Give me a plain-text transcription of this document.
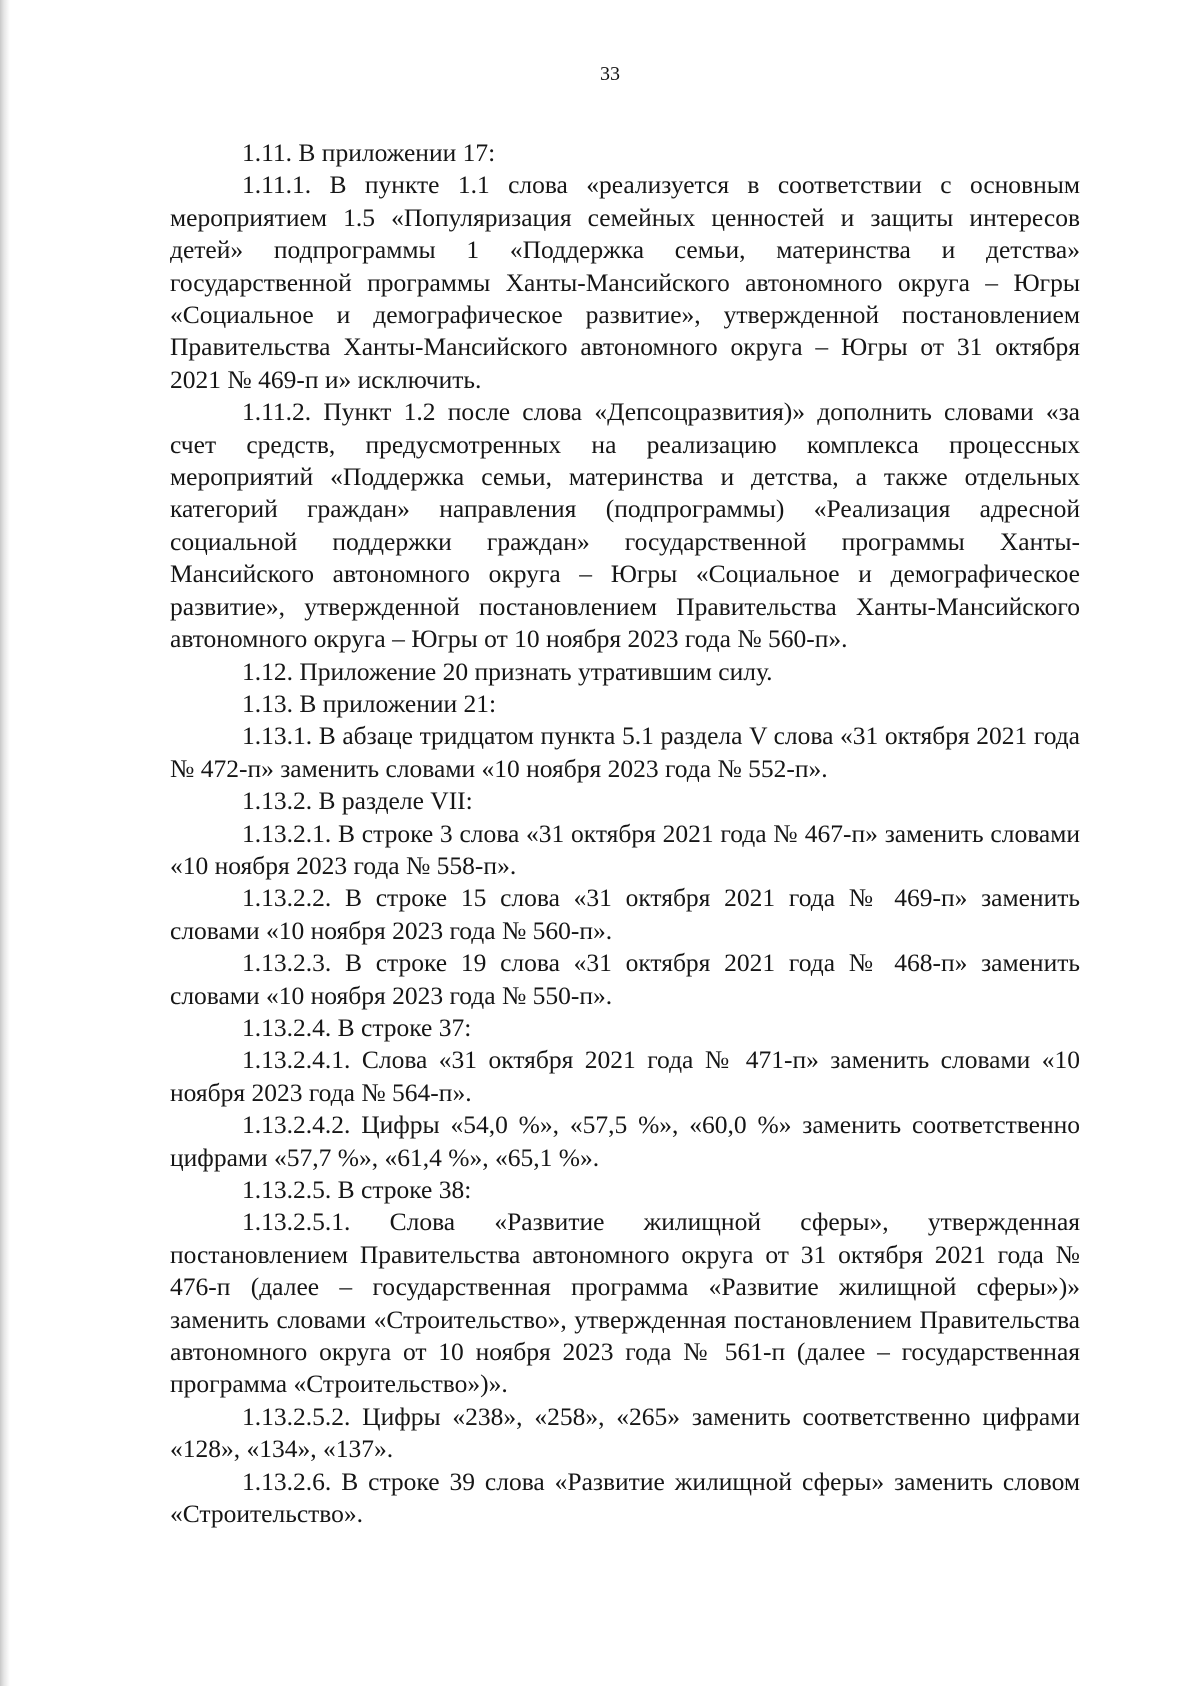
33

1.11. В приложении 17:

1.11.1. В пункте 1.1 слова «реализуется в соответствии с основным мероприятием 1.5 «Популяризация семейных ценностей и защиты интересов детей» подпрограммы 1 «Поддержка семьи, материнства и детства» государственной программы Ханты-Мансийского автономного округа – Югры «Социальное и демографическое развитие», утвержденной постановлением Правительства Ханты-Мансийского автономного округа – Югры от 31 октября 2021 № 469-п и» исключить.

1.11.2. Пункт 1.2 после слова «Депсоцразвития)» дополнить словами «за счет средств, предусмотренных на реализацию комплекса процессных мероприятий «Поддержка семьи, материнства и детства, а также отдельных категорий граждан» направления (подпрограммы) «Реализация адресной социальной поддержки граждан» государственной программы Ханты-Мансийского автономного округа – Югры «Социальное и демографическое развитие», утвержденной постановлением Правительства Ханты-Мансийского автономного округа – Югры от 10 ноября 2023 года № 560-п».

1.12. Приложение 20 признать утратившим силу.

1.13. В приложении 21:

1.13.1. В абзаце тридцатом пункта 5.1 раздела V слова «31 октября 2021 года № 472-п» заменить словами «10 ноября 2023 года № 552-п».

1.13.2. В разделе VII:

1.13.2.1. В строке 3 слова «31 октября 2021 года № 467-п» заменить словами «10 ноября 2023 года № 558-п».

1.13.2.2. В строке 15 слова «31 октября 2021 года № 469-п» заменить словами «10 ноября 2023 года № 560-п».

1.13.2.3. В строке 19 слова «31 октября 2021 года № 468-п» заменить словами «10 ноября 2023 года № 550-п».

1.13.2.4. В строке 37:

1.13.2.4.1. Слова «31 октября 2021 года № 471-п» заменить словами «10 ноября 2023 года № 564-п».

1.13.2.4.2. Цифры «54,0 %», «57,5 %», «60,0 %» заменить соответственно цифрами «57,7 %», «61,4 %», «65,1 %».

1.13.2.5. В строке 38:

1.13.2.5.1. Слова «Развитие жилищной сферы», утвержденная постановлением Правительства автономного округа от 31 октября 2021 года № 476-п (далее – государственная программа «Развитие жилищной сферы»)» заменить словами «Строительство», утвержденная постановлением Правительства автономного округа от 10 ноября 2023 года № 561-п (далее – государственная программа «Строительство»)».

1.13.2.5.2. Цифры «238», «258», «265» заменить соответственно цифрами «128», «134», «137».

1.13.2.6. В строке 39 слова «Развитие жилищной сферы» заменить словом «Строительство».
